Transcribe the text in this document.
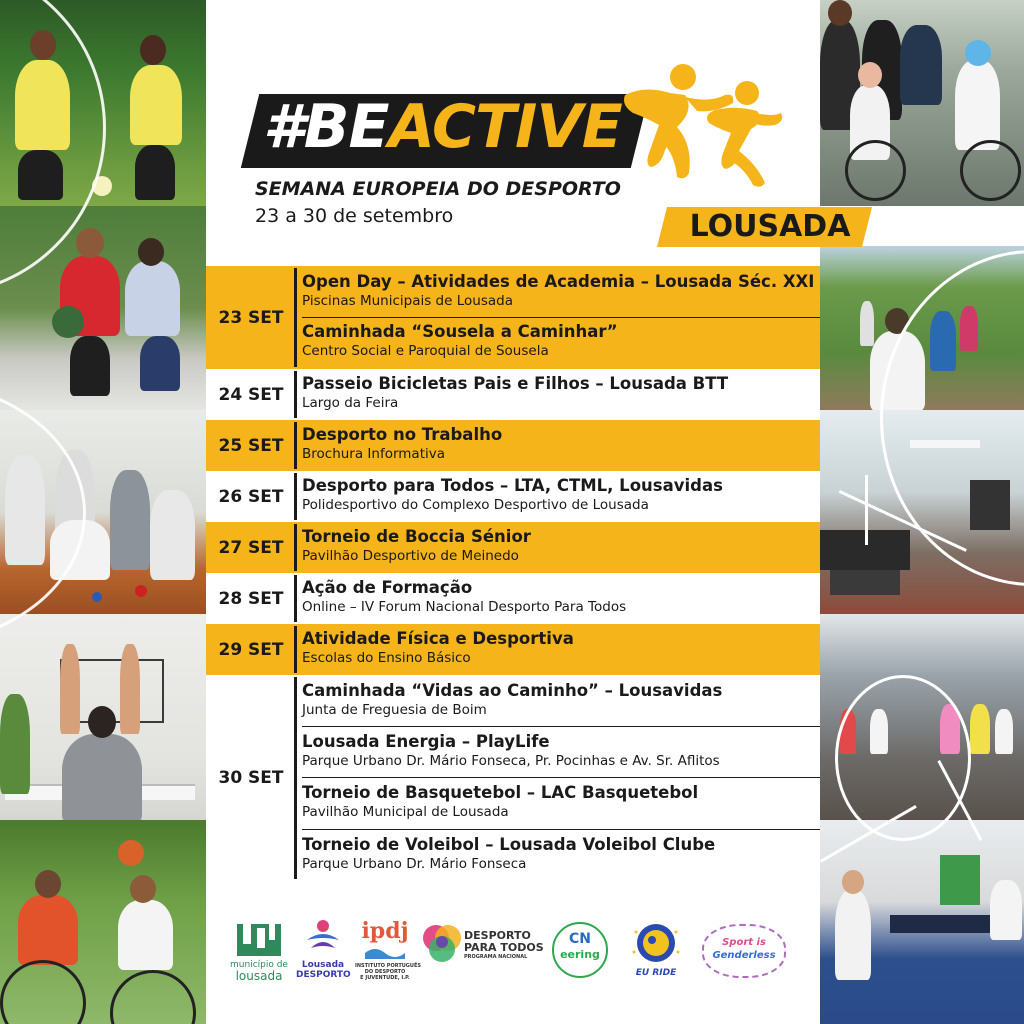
#BEACTIVE
SEMANA EUROPEIA DO DESPORTO
23 a 30 de setembro	LOUSADA
23 SET
Open Day – Atividades de Academia – Lousada Séc. XXI
Piscinas Municipais de Lousada
Caminhada “Sousela a Caminhar”
Centro Social e Paroquial de Sousela
24 SET
Passeio Bicicletas Pais e Filhos – Lousada BTT
Largo da Feira
25 SET
Desporto no Trabalho
Brochura Informativa
26 SET
Desporto para Todos – LTA, CTML, Lousavidas
Polidesportivo do Complexo Desportivo de Lousada
27 SET
Torneio de Boccia Sénior
Pavilhão Desportivo de Meinedo
28 SET
Ação de Formação
Online – IV Forum Nacional Desporto Para Todos
29 SET
Atividade Física e Desportiva
Escolas do Ensino Básico
30 SET
Caminhada “Vidas ao Caminho” – Lousavidas
Junta de Freguesia de Boim
Lousada Energia – PlayLife
Parque Urbano Dr. Mário Fonseca, Pr. Pocinhas e Av. Sr. Aflitos
Torneio de Basquetebol – LAC Basquetebol
Pavilhão Municipal de Lousada
Torneio de Voleibol – Lousada Voleibol Clube
Parque Urbano Dr. Mário Fonseca
município de
lousada
Lousada
DESPORTO
ipdj
INSTITUTO PORTUGUÊS
DO DESPORTO
E JUVENTUDE, I.P.
DESPORTO
PARA TODOS
PROGRAMA NACIONAL
CN
eering
EU RIDE
Sport is
Genderless
